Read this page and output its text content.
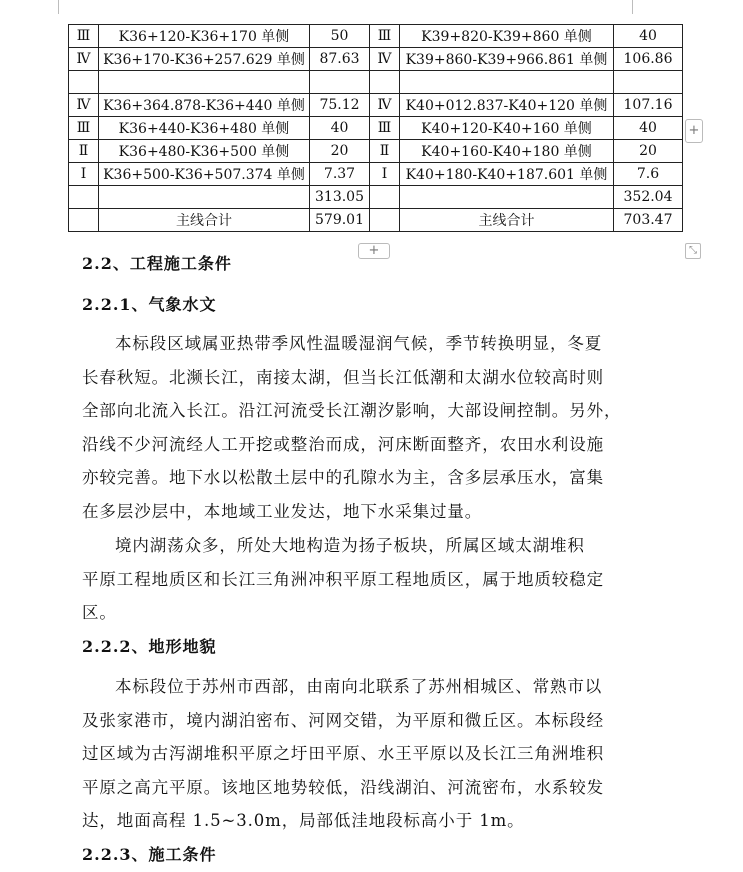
Ⅲ	K36+120-K36+170 单侧	50	Ⅲ	K39+820-K39+860 单侧	40
Ⅳ	K36+170-K36+257.629 单侧	87.63	Ⅳ	K39+860-K39+966.861 单侧	106.86

Ⅳ	K36+364.878-K36+440 单侧	75.12	Ⅳ	K40+012.837-K40+120 单侧	107.16
Ⅲ	K36+440-K36+480 单侧	40	Ⅲ	K40+120-K40+160 单侧	40
Ⅱ	K36+480-K36+500 单侧	20	Ⅱ	K40+160-K40+180 单侧	20
Ⅰ	K36+500-K36+507.374 单侧	7.37	Ⅰ	K40+180-K40+187.601 单侧	7.6
		313.05			352.04
	主线合计	579.01		主线合计	703.47
+
+
⤡
2.2、工程施工条件
2.2.1、气象水文
本标段区域属亚热带季风性温暖湿润气候，季节转换明显，冬夏
长春秋短。北濒长江，南接太湖，但当长江低潮和太湖水位较高时则
全部向北流入长江。沿江河流受长江潮汐影响，大部设闸控制。另外，
沿线不少河流经人工开挖或整治而成，河床断面整齐，农田水利设施
亦较完善。地下水以松散土层中的孔隙水为主，含多层承压水，富集
在多层沙层中，本地域工业发达，地下水采集过量。
境内湖荡众多，所处大地构造为扬子板块，所属区域太湖堆积
平原工程地质区和长江三角洲冲积平原工程地质区，属于地质较稳定
区。
2.2.2、地形地貌
本标段位于苏州市西部，由南向北联系了苏州相城区、常熟市以
及张家港市，境内湖泊密布、河网交错，为平原和微丘区。本标段经
过区域为古泻湖堆积平原之圩田平原、水王平原以及长江三角洲堆积
平原之高亢平原。该地区地势较低，沿线湖泊、河流密布，水系较发
达，地面高程 1.5~3.0m，局部低洼地段标高小于 1m。
2.2.3、施工条件
